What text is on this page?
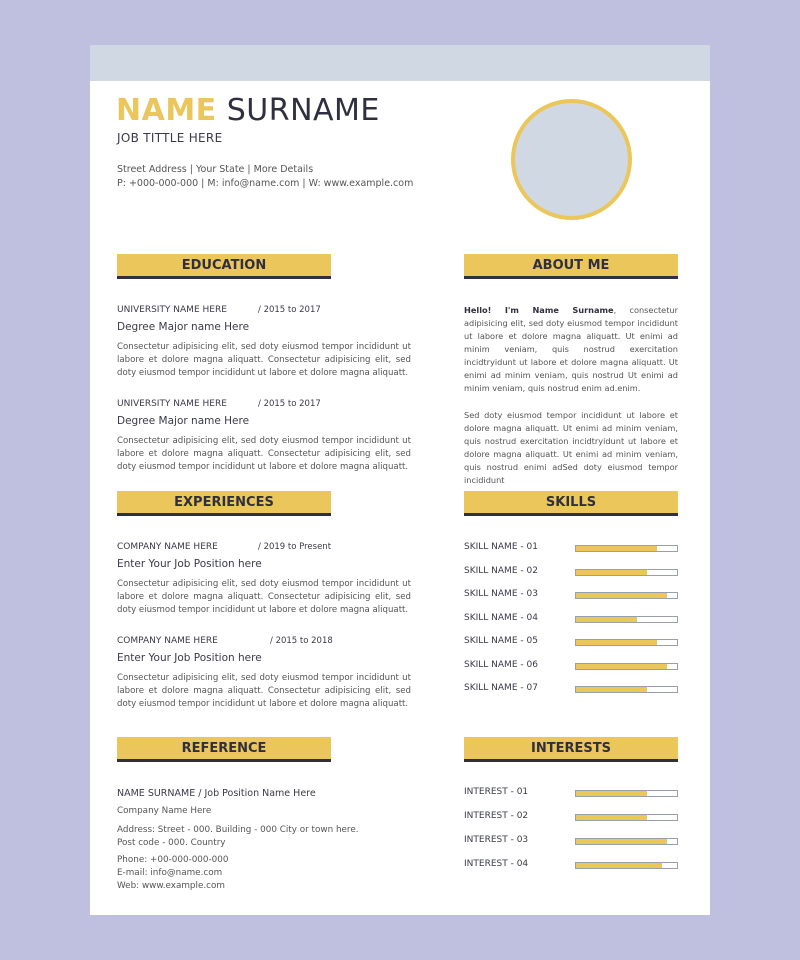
NAME SURNAME
JOB TITTLE HERE
Street Address | Your State | More Details
P: +000-000-000 | M: info@name.com | W: www.example.com
EDUCATION
UNIVERSITY NAME HERE	/ 2015 to 2017
Degree Major name Here
Consectetur adipisicing elit, sed doty eiusmod tempor incididunt ut labore et dolore magna aliquatt. Consectetur adipisicing elit, sed doty eiusmod tempor incididunt ut labore et dolore magna aliquatt.
UNIVERSITY NAME HERE	/ 2015 to 2017
Degree Major name Here
Consectetur adipisicing elit, sed doty eiusmod tempor incididunt ut labore et dolore magna aliquatt. Consectetur adipisicing elit, sed doty eiusmod tempor incididunt ut labore et dolore magna aliquatt.
EXPERIENCES
COMPANY NAME HERE	/ 2019 to Present
Enter Your Job Position here
Consectetur adipisicing elit, sed doty eiusmod tempor incididunt ut labore et dolore magna aliquatt. Consectetur adipisicing elit, sed doty eiusmod tempor incididunt ut labore et dolore magna aliquatt.
COMPANY NAME HERE	/ 2015 to 2018
Enter Your Job Position here
Consectetur adipisicing elit, sed doty eiusmod tempor incididunt ut labore et dolore magna aliquatt. Consectetur adipisicing elit, sed doty eiusmod tempor incididunt ut labore et dolore magna aliquatt.
REFERENCE
NAME SURNAME / Job Position Name Here
Company Name Here
Address: Street - 000. Building - 000 City or town here.
Post code - 000. Country
Phone: +00-000-000-000
E-mail: info@name.com
Web: www.example.com
ABOUT ME
Hello! I'm Name Surname, consectetur adipisicing elit, sed doty eiusmod tempor incididunt ut labore et dolore magna aliquatt. Ut enimi ad minim veniam, quis nostrud exercitation incidtryidunt ut labore et dolore magna aliquatt. Ut enimi ad minim veniam, quis nostrud Ut enimi ad minim veniam, quis nostrud enim ad.enim.
Sed doty eiusmod tempor incididunt ut labore et dolore magna aliquatt. Ut enimi ad minim veniam, quis nostrud exercitation incidtryidunt ut labore et dolore magna aliquatt. Ut enimi ad minim veniam, quis nostrud enimi adSed doty eiusmod tempor incididunt
SKILLS
SKILL NAME - 01
SKILL NAME - 02
SKILL NAME - 03
SKILL NAME - 04
SKILL NAME - 05
SKILL NAME - 06
SKILL NAME - 07
INTERESTS
INTEREST - 01
INTEREST - 02
INTEREST - 03
INTEREST - 04
